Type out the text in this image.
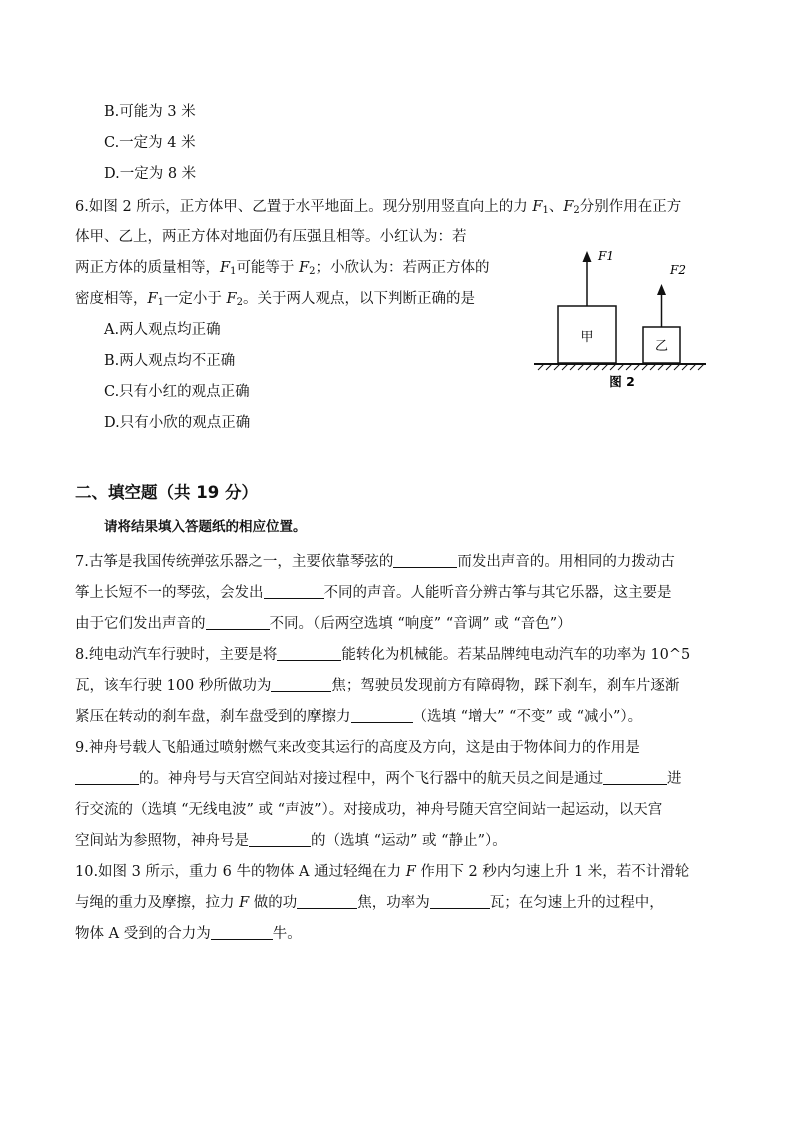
B.可能为 3 米
C.一定为 4 米
D.一定为 8 米
6.如图 2 所示，正方体甲、乙置于水平地面上。现分别用竖直向上的力 $F_1$、$F_2$分别作用在正方
体甲、乙上，两正方体对地面仍有压强且相等。小红认为：若
两正方体的质量相等，$F_1$可能等于 $F_2$；小欣认为：若两正方体的
密度相等，$F_1$一定小于 $F_2$。关于两人观点，以下判断正确的是
A.两人观点均正确
B.两人观点均不正确
C.只有小红的观点正确
D.只有小欣的观点正确
甲
乙
F1
F2
图 2
二、填空题（共 19 分）
请将结果填入答题纸的相应位置。
7.古筝是我国传统弹弦乐器之一，主要依靠琴弦的	而发出声音的。用相同的力拨动古
筝上长短不一的琴弦，会发出	不同的声音。人能听音分辨古筝与其它乐器，这主要是
由于它们发出声音的	不同。（后两空选填 “响度” “音调” 或 “音色”）
8.纯电动汽车行驶时，主要是将	能转化为机械能。若某品牌纯电动汽车的功率为 10^5
瓦，该车行驶 100 秒所做功为	焦；驾驶员发现前方有障碍物，踩下刹车，刹车片逐渐
紧压在转动的刹车盘，刹车盘受到的摩擦力	（选填 “增大” “不变” 或 “减小”）。
9.神舟号载人飞船通过喷射燃气来改变其运行的高度及方向，这是由于物体间力的作用是
的。神舟号与天宫空间站对接过程中，两个飞行器中的航天员之间是通过	进
行交流的（选填 “无线电波” 或 “声波”）。对接成功，神舟号随天宫空间站一起运动，以天宫
空间站为参照物，神舟号是	的（选填 “运动” 或 “静止”）。
10.如图 3 所示，重力 6 牛的物体 A 通过轻绳在力 F 作用下 2 秒内匀速上升 1 米，若不计滑轮
与绳的重力及摩擦，拉力 F 做的功	焦，功率为	瓦；在匀速上升的过程中，
物体 A 受到的合力为	牛。
